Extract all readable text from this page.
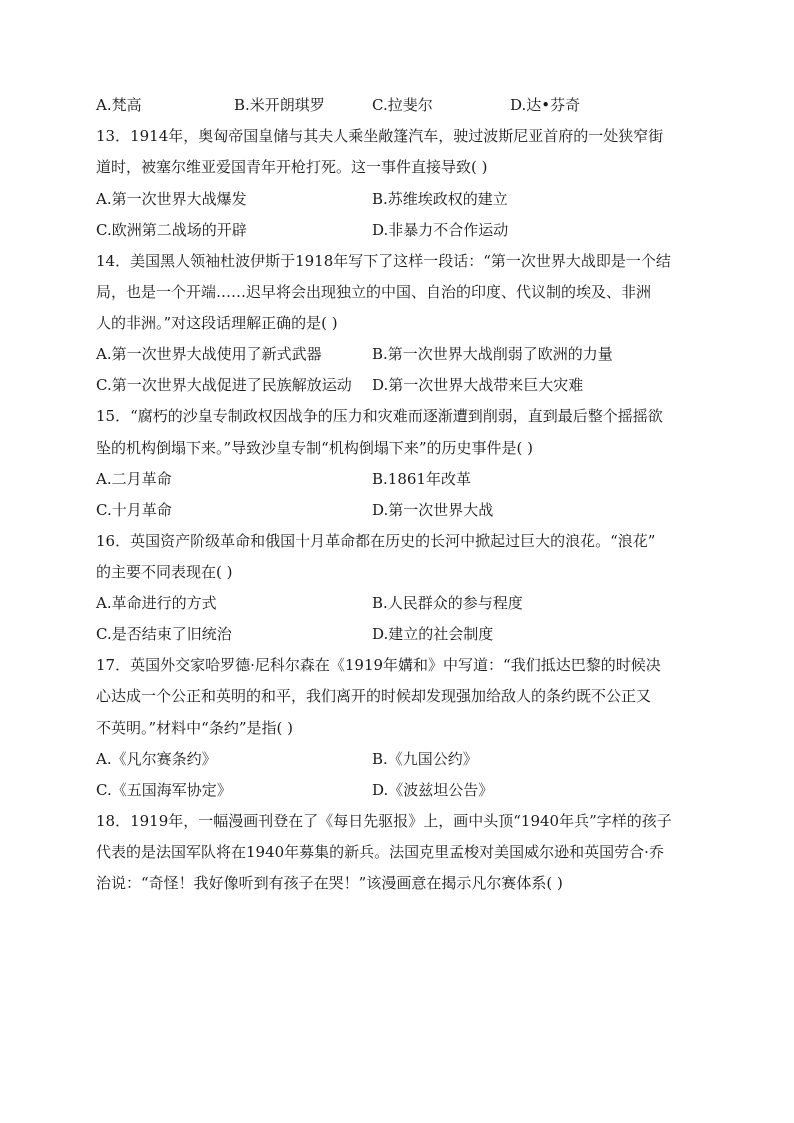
A.梵高	B.米开朗琪罗	C.拉斐尔	D.达•芬奇
13．1914年，奥匈帝国皇储与其夫人乘坐敞篷汽车，驶过波斯尼亚首府的一处狭窄街
道时，被塞尔维亚爱国青年开枪打死。这一事件直接导致( )
A.第一次世界大战爆发	B.苏维埃政权的建立
C.欧洲第二战场的开辟	D.非暴力不合作运动
14．美国黑人领袖杜波伊斯于1918年写下了这样一段话：“第一次世界大战即是一个结
局，也是一个开端……迟早将会出现独立的中国、自治的印度、代议制的埃及、非洲
人的非洲。”对这段话理解正确的是( )
A.第一次世界大战使用了新式武器	B.第一次世界大战削弱了欧洲的力量
C.第一次世界大战促进了民族解放运动 D.第一次世界大战带来巨大灾难
15．“腐朽的沙皇专制政权因战争的压力和灾难而逐渐遭到削弱，直到最后整个摇摇欲
坠的机构倒塌下来。”导致沙皇专制“机构倒塌下来”的历史事件是( )
A.二月革命	B.1861年改革
C.十月革命	D.第一次世界大战
16．英国资产阶级革命和俄国十月革命都在历史的长河中掀起过巨大的浪花。“浪花”
的主要不同表现在( )
A.革命进行的方式	B.人民群众的参与程度
C.是否结束了旧统治	D.建立的社会制度
17．英国外交家哈罗德·尼科尔森在《1919年媾和》中写道：“我们抵达巴黎的时候决
心达成一个公正和英明的和平，我们离开的时候却发现强加给敌人的条约既不公正又
不英明。”材料中“条约”是指( )
A.《凡尔赛条约》	B.《九国公约》
C.《五国海军协定》	D.《波兹坦公告》
18．1919年，一幅漫画刊登在了《每日先驱报》上，画中头顶“1940年兵”字样的孩子
代表的是法国军队将在1940年募集的新兵。法国克里孟梭对美国威尔逊和英国劳合·乔
治说：“奇怪！我好像听到有孩子在哭！”该漫画意在揭示凡尔赛体系( )
